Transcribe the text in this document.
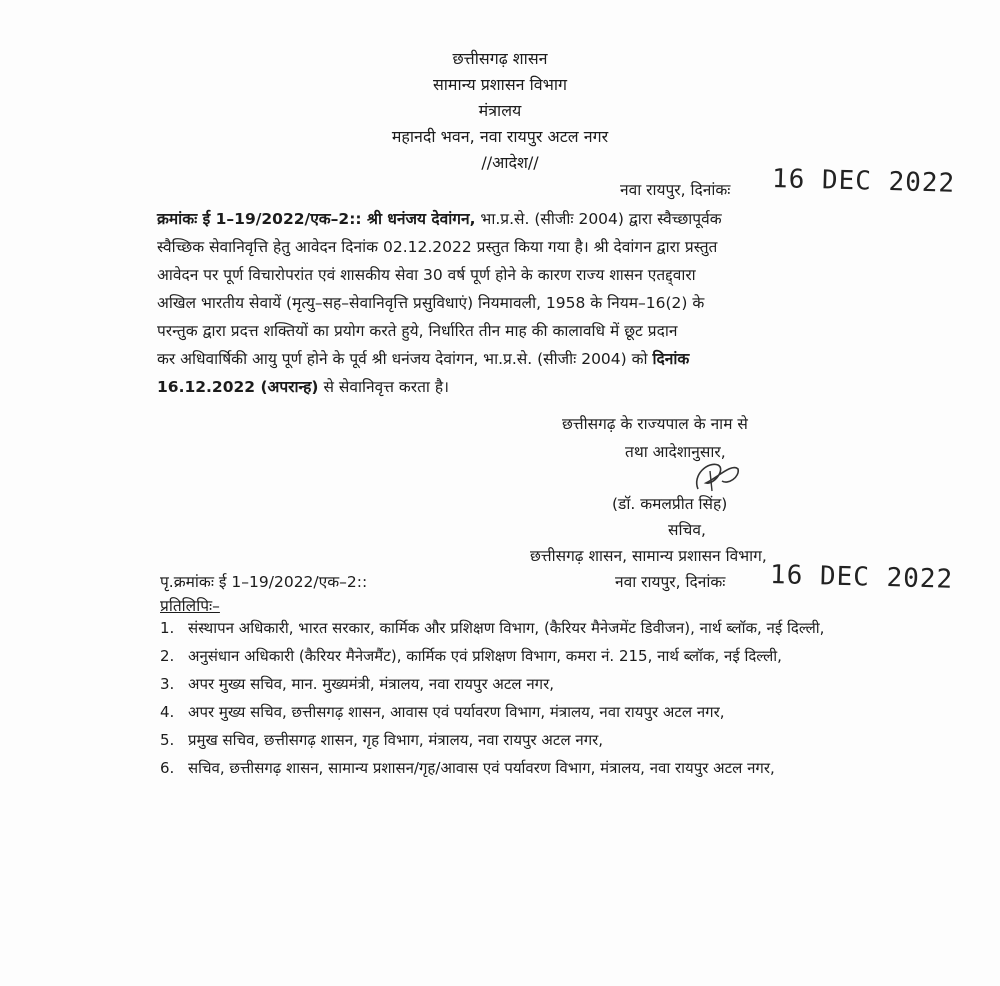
छत्तीसगढ़ शासन
सामान्य प्रशासन विभाग
मंत्रालय
महानदी भवन, नवा रायपुर अटल नगर
//आदेश//
नवा रायपुर, दिनांकः 16 DEC 2022
क्रमांकः ई 1–19/2022/एक–2:: श्री धनंजय देवांगन, भा.प्र.से. (सीजीः 2004) द्वारा स्वैच्छापूर्वक
स्वैच्छिक सेवानिवृत्ति हेतु आवेदन दिनांक 02.12.2022 प्रस्तुत किया गया है। श्री देवांगन द्वारा प्रस्तुत
आवेदन पर पूर्ण विचारोपरांत एवं शासकीय सेवा 30 वर्ष पूर्ण होने के कारण राज्य शासन एतद्द्वारा
अखिल भारतीय सेवायें (मृत्यु–सह–सेवानिवृत्ति प्रसुविधाएं) नियमावली, 1958 के नियम–16(2) के
परन्तुक द्वारा प्रदत्त शक्तियों का प्रयोग करते हुये, निर्धारित तीन माह की कालावधि में छूट प्रदान
कर अधिवार्षिकी आयु पूर्ण होने के पूर्व श्री धनंजय देवांगन, भा.प्र.से. (सीजीः 2004) को दिनांक
16.12.2022 (अपरान्ह) से सेवानिवृत्त करता है।
छत्तीसगढ़ के राज्यपाल के नाम से
तथा आदेशानुसार,
(डॉ. कमलप्रीत सिंह)
सचिव,
छत्तीसगढ़ शासन, सामान्य प्रशासन विभाग,
पृ.क्रमांकः ई 1–19/2022/एक–2::	नवा रायपुर, दिनांकः 16 DEC 2022
प्रतिलिपिः–
1. संस्थापन अधिकारी, भारत सरकार, कार्मिक और प्रशिक्षण विभाग, (कैरियर मैनेजमेंट डिवीजन), नार्थ ब्लॉक, नई दिल्ली,
2. अनुसंधान अधिकारी (कैरियर मैनेजमैंट), कार्मिक एवं प्रशिक्षण विभाग, कमरा नं. 215, नार्थ ब्लॉक, नई दिल्ली,
3. अपर मुख्य सचिव, मान. मुख्यमंत्री, मंत्रालय, नवा रायपुर अटल नगर,
4. अपर मुख्य सचिव, छत्तीसगढ़ शासन, आवास एवं पर्यावरण विभाग, मंत्रालय, नवा रायपुर अटल नगर,
5. प्रमुख सचिव, छत्तीसगढ़ शासन, गृह विभाग, मंत्रालय, नवा रायपुर अटल नगर,
6. सचिव, छत्तीसगढ़ शासन, सामान्य प्रशासन/गृह/आवास एवं पर्यावरण विभाग, मंत्रालय, नवा रायपुर अटल नगर,
